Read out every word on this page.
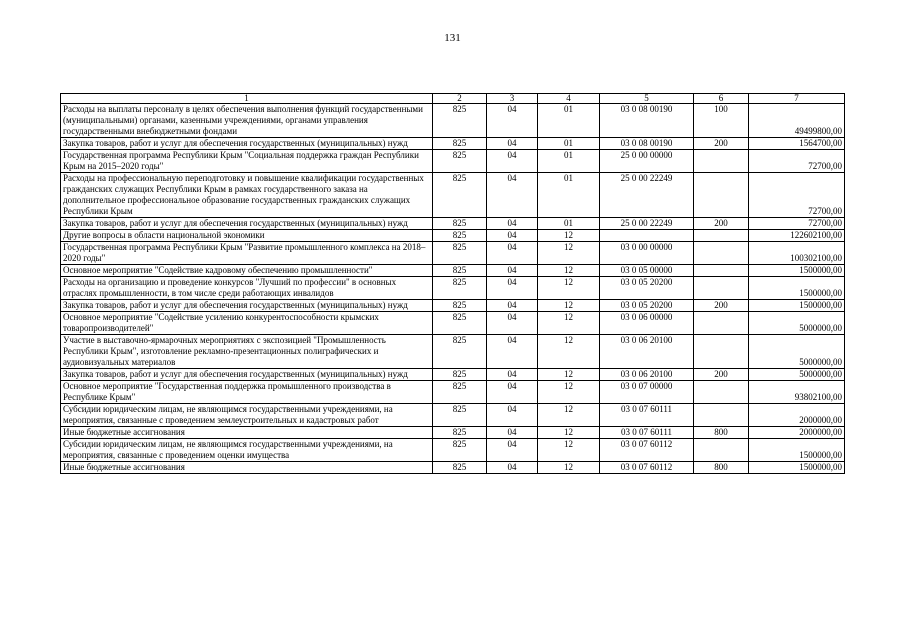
131
1	2	3	4	5	6	7
Расходы на выплаты персоналу в целях обеспечения выполнения функций государственными (муниципальными) органами, казенными учреждениями, органами управления государственными внебюджетными фондами	825	04	01	03 0 08 00190	100	49499800,00
Закупка товаров, работ и услуг для обеспечения государственных (муниципальных) нужд	825	04	01	03 0 08 00190	200	1564700,00
Государственная программа Республики Крым "Социальная поддержка граждан Республики Крым на 2015–2020 годы"	825	04	01	25 0 00 00000		72700,00
Расходы на профессиональную переподготовку и повышение квалификации государственных гражданских служащих Республики Крым в рамках государственного заказа на дополнительное профессиональное образование государственных гражданских служащих Республики Крым	825	04	01	25 0 00 22249		72700,00
Закупка товаров, работ и услуг для обеспечения государственных (муниципальных) нужд	825	04	01	25 0 00 22249	200	72700,00
Другие вопросы в области национальной экономики	825	04	12			122602100,00
Государственная программа Республики Крым "Развитие промышленного комплекса на 2018–2020 годы"	825	04	12	03 0 00 00000		100302100,00
Основное мероприятие "Содействие кадровому обеспечению промышленности"	825	04	12	03 0 05 00000		1500000,00
Расходы на организацию и проведение конкурсов "Лучший по профессии" в основных отраслях промышленности, в том числе среди работающих инвалидов	825	04	12	03 0 05 20200		1500000,00
Закупка товаров, работ и услуг для обеспечения государственных (муниципальных) нужд	825	04	12	03 0 05 20200	200	1500000,00
Основное мероприятие "Содействие усилению конкурентоспособности крымских товаропроизводителей"	825	04	12	03 0 06 00000		5000000,00
Участие в выставочно-ярмарочных мероприятиях с экспозицией "Промышленность Республики Крым", изготовление рекламно-презентационных полиграфических и аудиовизуальных материалов	825	04	12	03 0 06 20100		5000000,00
Закупка товаров, работ и услуг для обеспечения государственных (муниципальных) нужд	825	04	12	03 0 06 20100	200	5000000,00
Основное мероприятие "Государственная поддержка промышленного производства в Республике Крым"	825	04	12	03 0 07 00000		93802100,00
Субсидии юридическим лицам, не являющимся государственными учреждениями, на мероприятия, связанные с проведением землеустроительных и кадастровых работ	825	04	12	03 0 07 60111		2000000,00
Иные бюджетные ассигнования	825	04	12	03 0 07 60111	800	2000000,00
Субсидии юридическим лицам, не являющимся государственными учреждениями, на мероприятия, связанные с проведением оценки имущества	825	04	12	03 0 07 60112		1500000,00
Иные бюджетные ассигнования	825	04	12	03 0 07 60112	800	1500000,00
